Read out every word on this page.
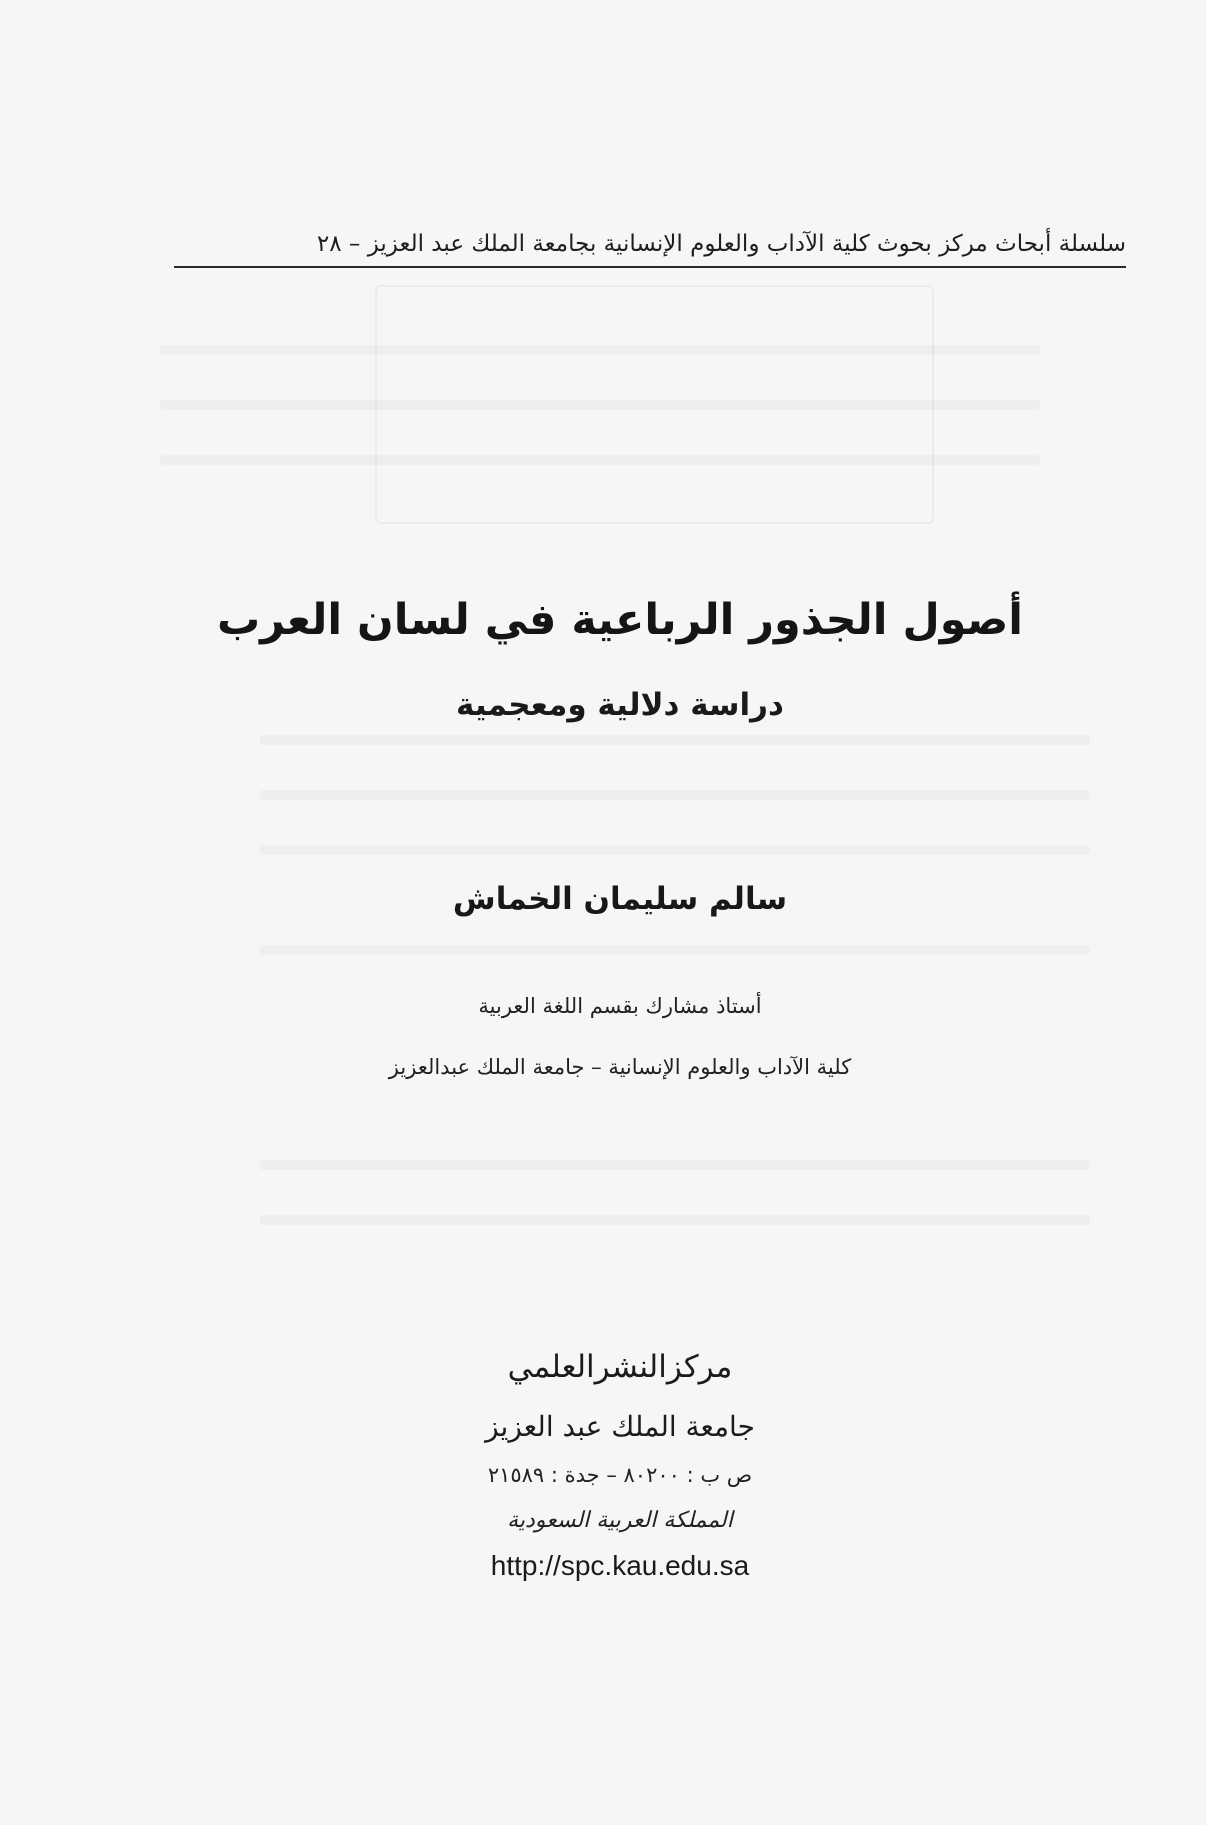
سلسلة أبحاث مركز بحوث كلية الآداب والعلوم الإنسانية بجامعة الملك عبد العزيز – ٢٨
أصول الجذور الرباعية في لسان العرب
دراسة دلالية ومعجمية
سالم سليمان الخماش
أستاذ مشارك بقسم اللغة العربية
كلية الآداب والعلوم الإنسانية – جامعة الملك عبدالعزيز
مركزالنشرالعلمي
جامعة الملك عبد العزيز
ص ب : ٨٠٢٠٠ – جدة : ٢١٥٨٩
المملكة العربية السعودية
http://spc.kau.edu.sa
